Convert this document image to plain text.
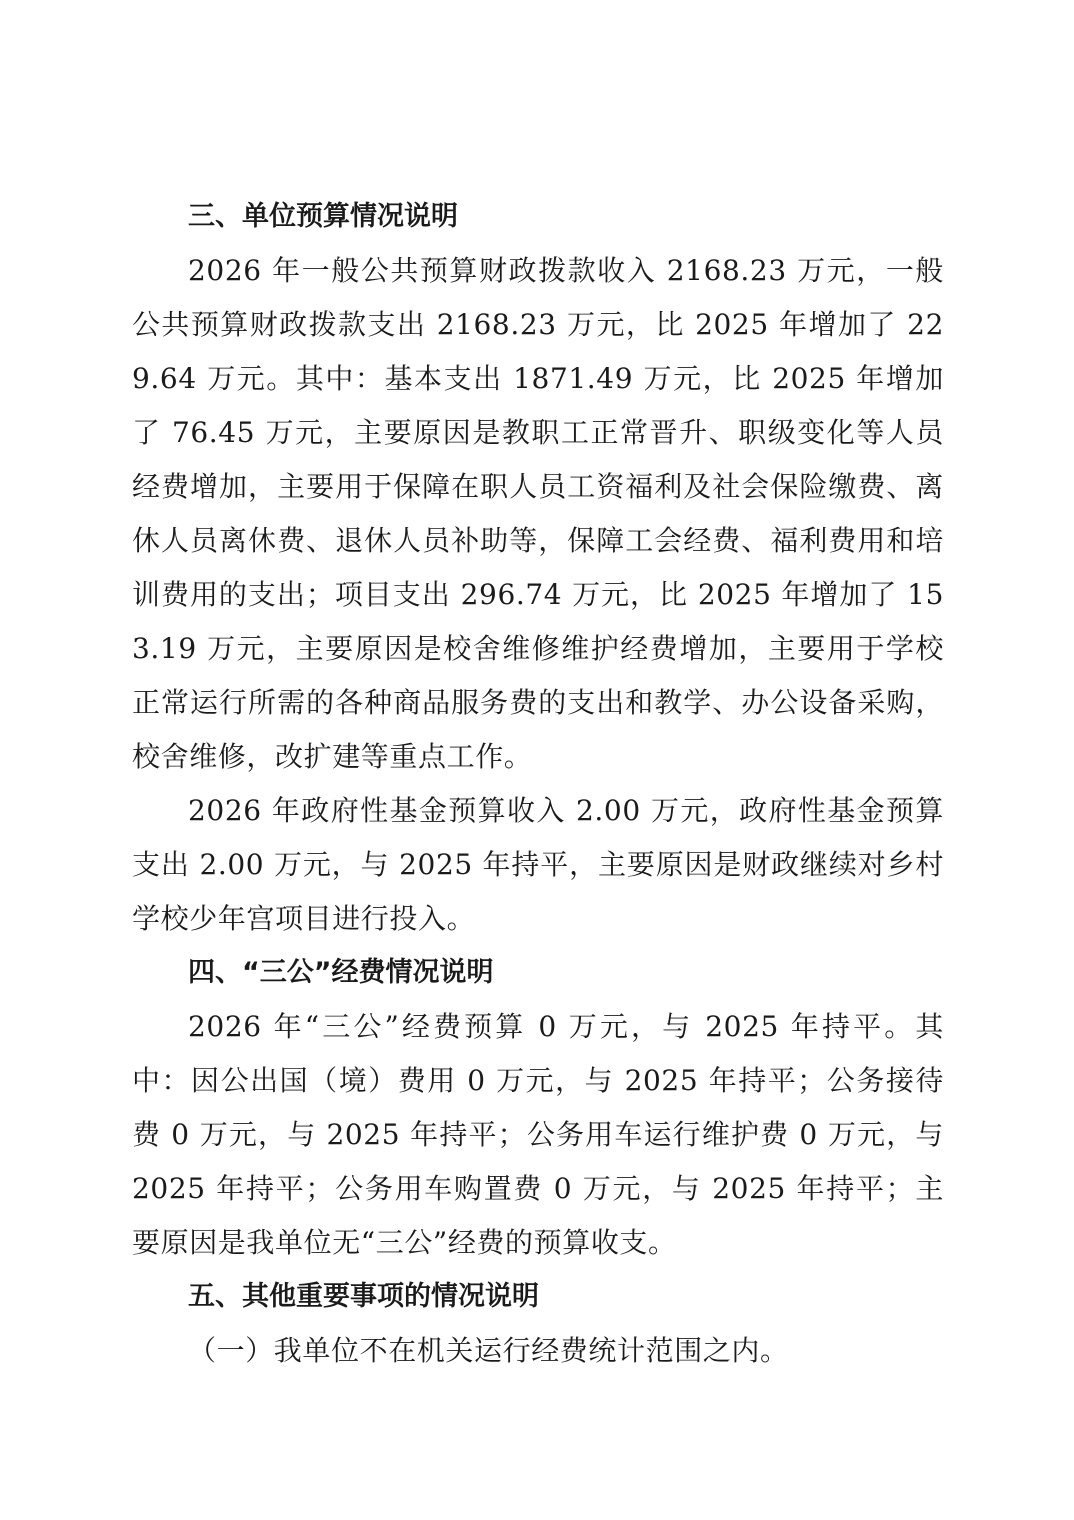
三、单位预算情况说明

2026 年一般公共预算财政拨款收入 2168.23 万元，一般公共预算财政拨款支出 2168.23 万元，比 2025 年增加了 229.64 万元。其中：基本支出 1871.49 万元，比 2025 年增加了 76.45 万元，主要原因是教职工正常晋升、职级变化等人员经费增加，主要用于保障在职人员工资福利及社会保险缴费、离休人员离休费、退休人员补助等，保障工会经费、福利费用和培训费用的支出；项目支出 296.74 万元，比 2025 年增加了 153.19 万元，主要原因是校舍维修维护经费增加，主要用于学校正常运行所需的各种商品服务费的支出和教学、办公设备采购，校舍维修，改扩建等重点工作。

2026 年政府性基金预算收入 2.00 万元，政府性基金预算支出 2.00 万元，与 2025 年持平，主要原因是财政继续对乡村学校少年宫项目进行投入。

四、“三公”经费情况说明

2026 年“三公”经费预算 0 万元，与 2025 年持平。其中：因公出国（境）费用 0 万元，与 2025 年持平；公务接待费 0 万元，与 2025 年持平；公务用车运行维护费 0 万元，与 2025 年持平；公务用车购置费 0 万元，与 2025 年持平；主要原因是我单位无“三公”经费的预算收支。

五、其他重要事项的情况说明

（一）我单位不在机关运行经费统计范围之内。
